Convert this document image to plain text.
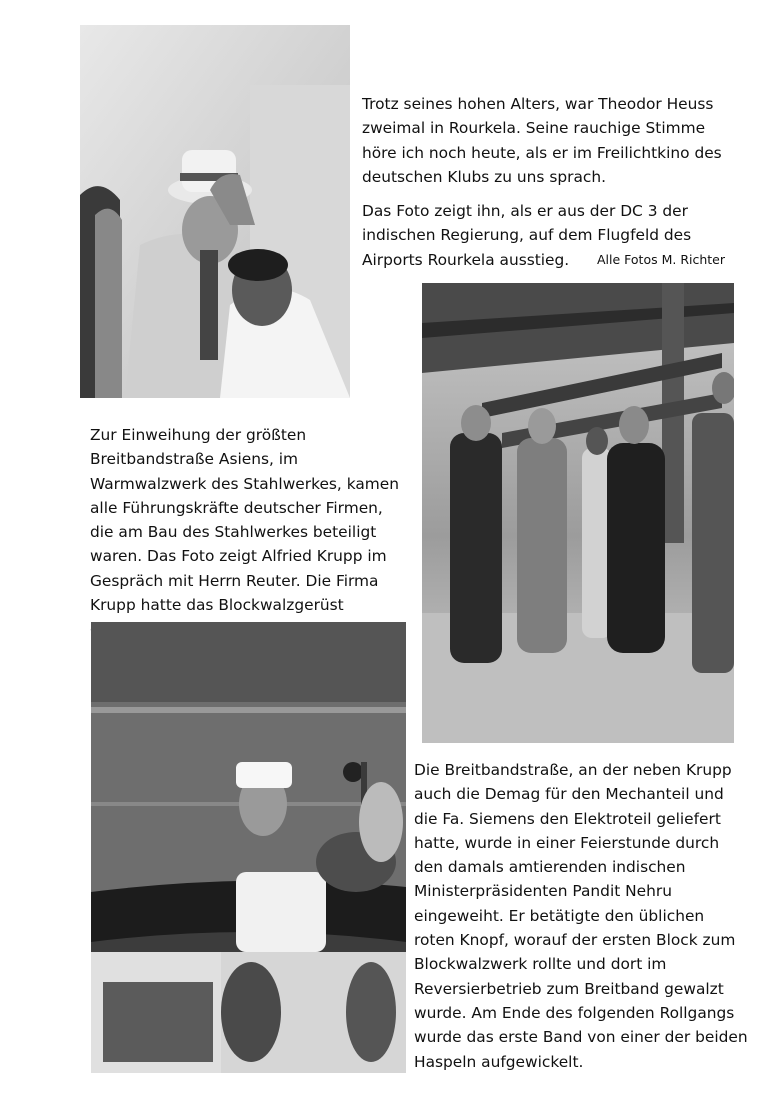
Trotz seines hohen Alters, war Theodor Heuss zweimal in Rourkela. Seine rauchige Stimme höre ich noch heute, als er im Freilichtkino des deutschen Klubs zu uns sprach.

Das Foto zeigt ihn, als er aus der DC 3 der indischen Regierung, auf dem Flugfeld des Airports Rourkela ausstieg.	Alle Fotos M. Richter

Zur Einweihung der größten Breitbandstraße Asiens, im Warmwalzwerk des Stahlwerkes, kamen alle Führungskräfte deutscher Firmen, die am Bau des Stahlwerkes beteiligt waren. Das Foto zeigt Alfried Krupp im Gespräch mit Herrn Reuter. Die Firma Krupp hatte das Blockwalzgerüst

Die Breitbandstraße, an der neben Krupp auch die Demag für den Mechanteil und die Fa. Siemens den Elektroteil geliefert hatte, wurde in einer Feierstunde durch den damals amtierenden indischen Ministerpräsidenten Pandit Nehru eingeweiht. Er betätigte den üblichen roten Knopf, worauf der ersten Block zum Blockwalzwerk rollte und dort im Reversierbetrieb zum Breitband gewalzt wurde. Am Ende des folgenden Rollgangs wurde das erste Band von einer der beiden Haspeln aufgewickelt.
